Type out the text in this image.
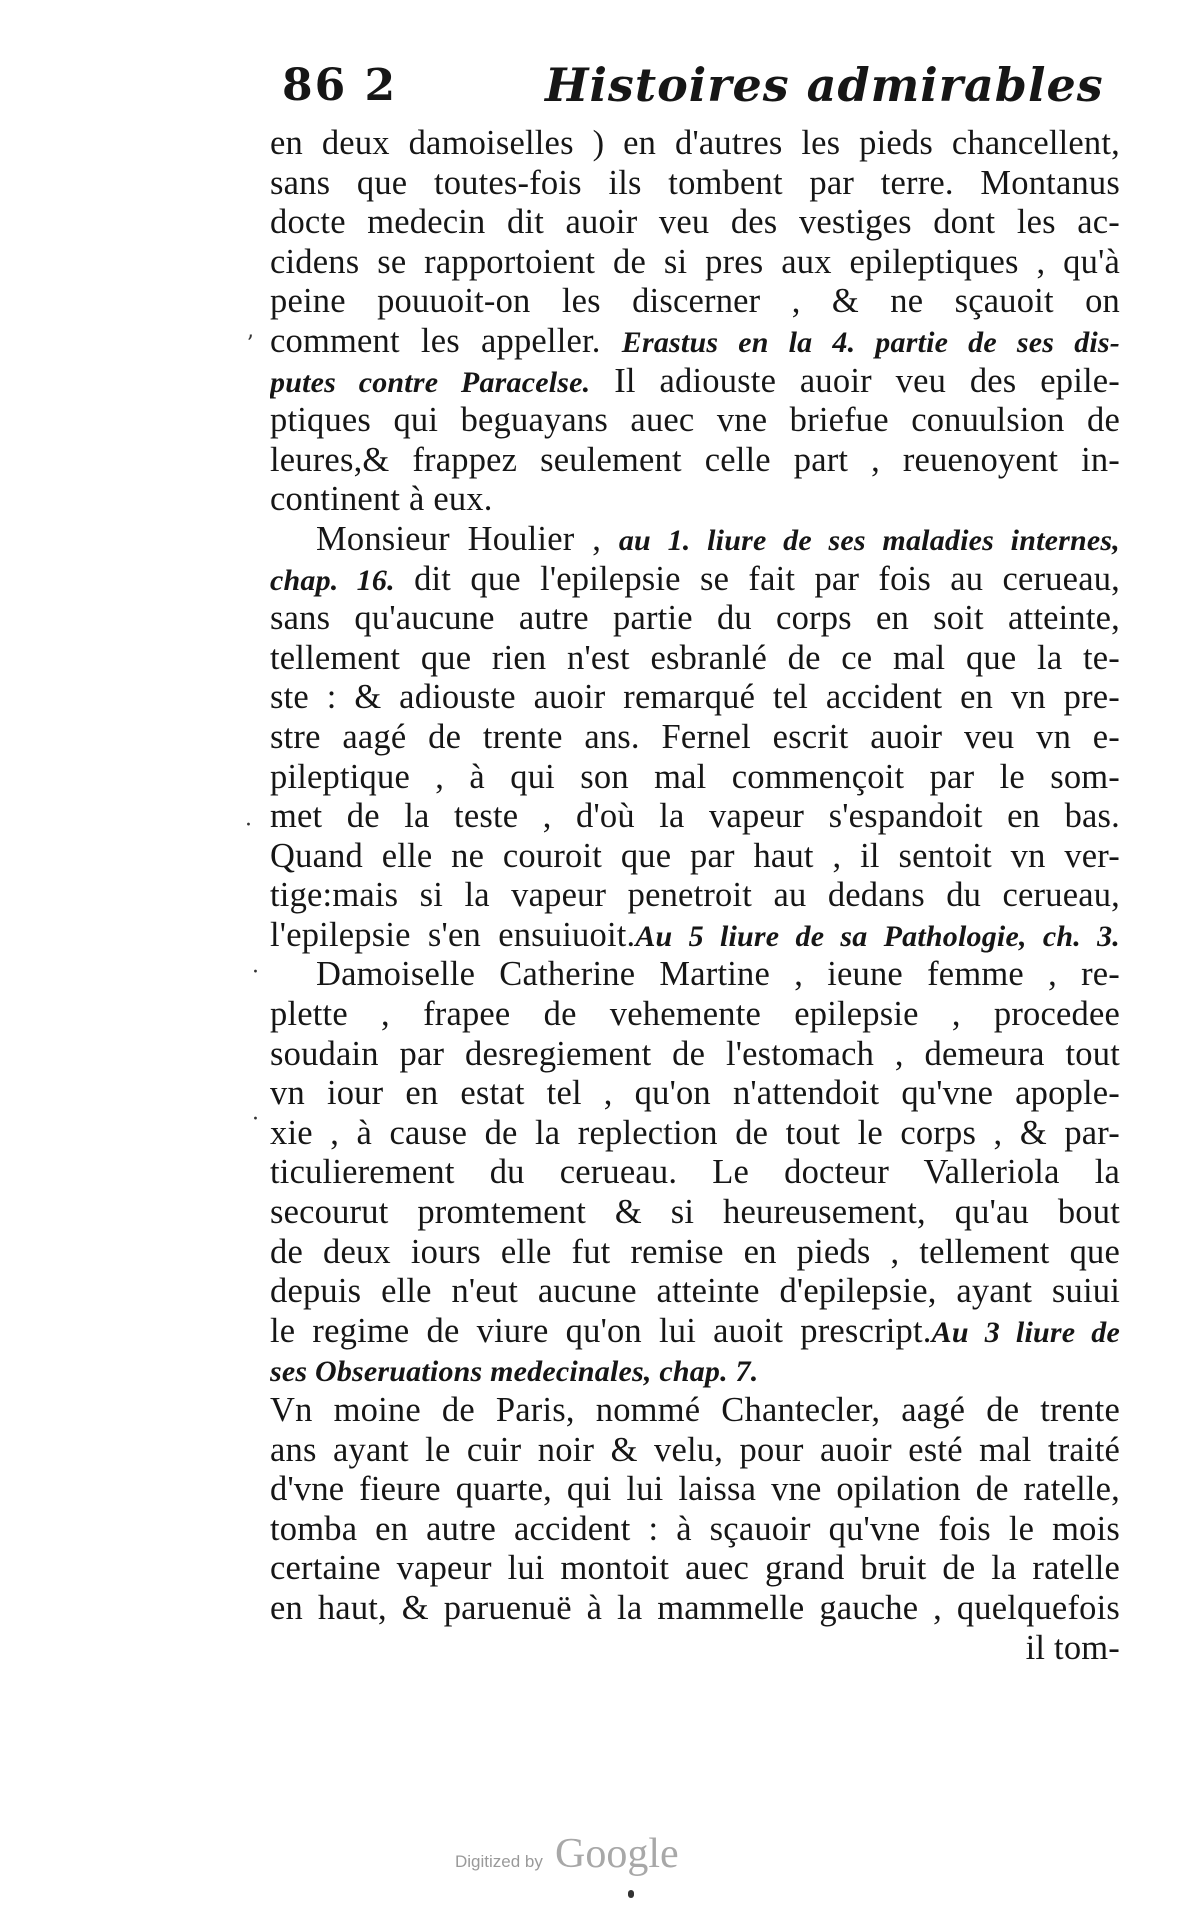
86 2	Histoires admirables
ʼ
·
·
·
en deux damoiselles ) en d'autres les pieds chancellent,
sans que toutes-fois ils tombent par terre. Montanus
docte medecin dit auoir veu des vestiges dont les ac-
cidens se rapportoient de si pres aux epileptiques , qu'à
peine pouuoit-on les discerner , & ne sçauoit on
comment les appeller. Erastus en la 4. partie de ses dis-
putes contre Paracelse. Il adiouste auoir veu des epile-
ptiques qui beguayans auec vne briefue conuulsion de
leures,& frappez seulement celle part , reuenoyent in-
continent à eux.
Monsieur Houlier , au 1. liure de ses maladies internes,
chap. 16. dit que l'epilepsie se fait par fois au cerueau,
sans qu'aucune autre partie du corps en soit atteinte,
tellement que rien n'est esbranlé de ce mal que la te-
ste : & adiouste auoir remarqué tel accident en vn pre-
stre aagé de trente ans. Fernel escrit auoir veu vn e-
pileptique , à qui son mal commençoit par le som-
met de la teste , d'où la vapeur s'espandoit en bas.
Quand elle ne couroit que par haut , il sentoit vn ver-
tige:mais si la vapeur penetroit au dedans du cerueau,
l'epilepsie s'en ensuiuoit.Au 5 liure de sa Pathologie, ch. 3.
Damoiselle Catherine Martine , ieune femme , re-
plette , frapee de vehemente epilepsie , procedee
soudain par desregiement de l'estomach , demeura tout
vn iour en estat tel , qu'on n'attendoit qu'vne apople-
xie , à cause de la replection de tout le corps , & par-
ticulierement du cerueau. Le docteur Valleriola la
secourut promtement & si heureusement, qu'au bout
de deux iours elle fut remise en pieds , tellement que
depuis elle n'eut aucune atteinte d'epilepsie, ayant suiui
le regime de viure qu'on lui auoit prescript.Au 3 liure de
ses Obseruations medecinales, chap. 7.
Vn moine de Paris, nommé Chantecler, aagé de trente
ans ayant le cuir noir & velu, pour auoir esté mal traité
d'vne fieure quarte, qui lui laissa vne opilation de ratelle,
tomba en autre accident : à sçauoir qu'vne fois le mois
certaine vapeur lui montoit auec grand bruit de la ratelle
en haut, & paruenuë à la mammelle gauche , quelquefois
il tom-
Digitized by Google
